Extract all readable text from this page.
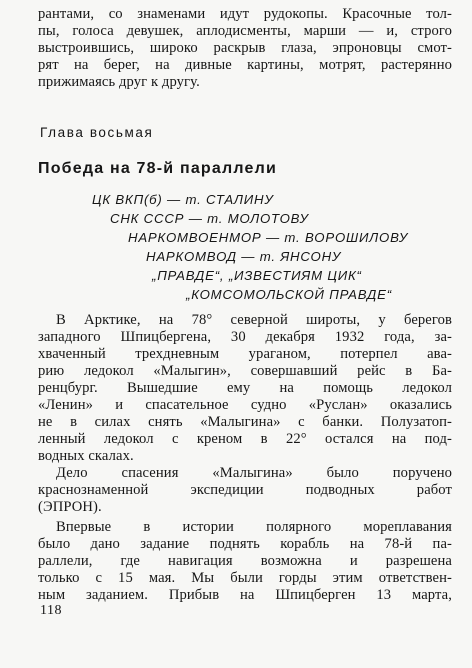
рантами, со знаменами идут рудокопы. Красочные тол-
пы, голоса девушек, аплодисменты, марши — и, строго
выстроившись, широко раскрыв глаза, эпроновцы смот-
рят на берег, на дивные картины, мотрят, растерянно
прижимаясь друг к другу.
Глава восьмая
Победа на 78-й параллели
ЦК ВКП(б) — т. СТАЛИНУ
СНК СССР — т. МОЛОТОВУ
НАРКОМВОЕНМОР — т. ВОРОШИЛОВУ
НАРКОМВОД — т. ЯНСОНУ
„ПРАВДЕ“, „ИЗВЕСТИЯМ ЦИК“
„КОМСОМОЛЬСКОЙ ПРАВДЕ“
В Арктике, на 78° северной широты, у берегов
западного Шпицбергена, 30 декабря 1932 года, за-
хваченный трехдневным ураганом, потерпел ава-
рию ледокол «Малыгин», совершавший рейс в Ба-
ренцбург. Вышедшие ему на помощь ледокол
«Ленин» и спасательное судно «Руслан» оказались
не в силах снять «Малыгина» с банки. Полузатоп-
ленный ледокол с креном в 22° остался на под-
водных скалах.
Дело спасения «Малыгина» было поручено
краснознаменной экспедиции подводных работ
(ЭПРОН).
Впервые в истории полярного мореплавания
было дано задание поднять корабль на 78-й па-
раллели, где навигация возможна и разрешена
только с 15 мая. Мы были горды этим ответствен-
ным заданием. Прибыв на Шпицберген 13 марта,
118
